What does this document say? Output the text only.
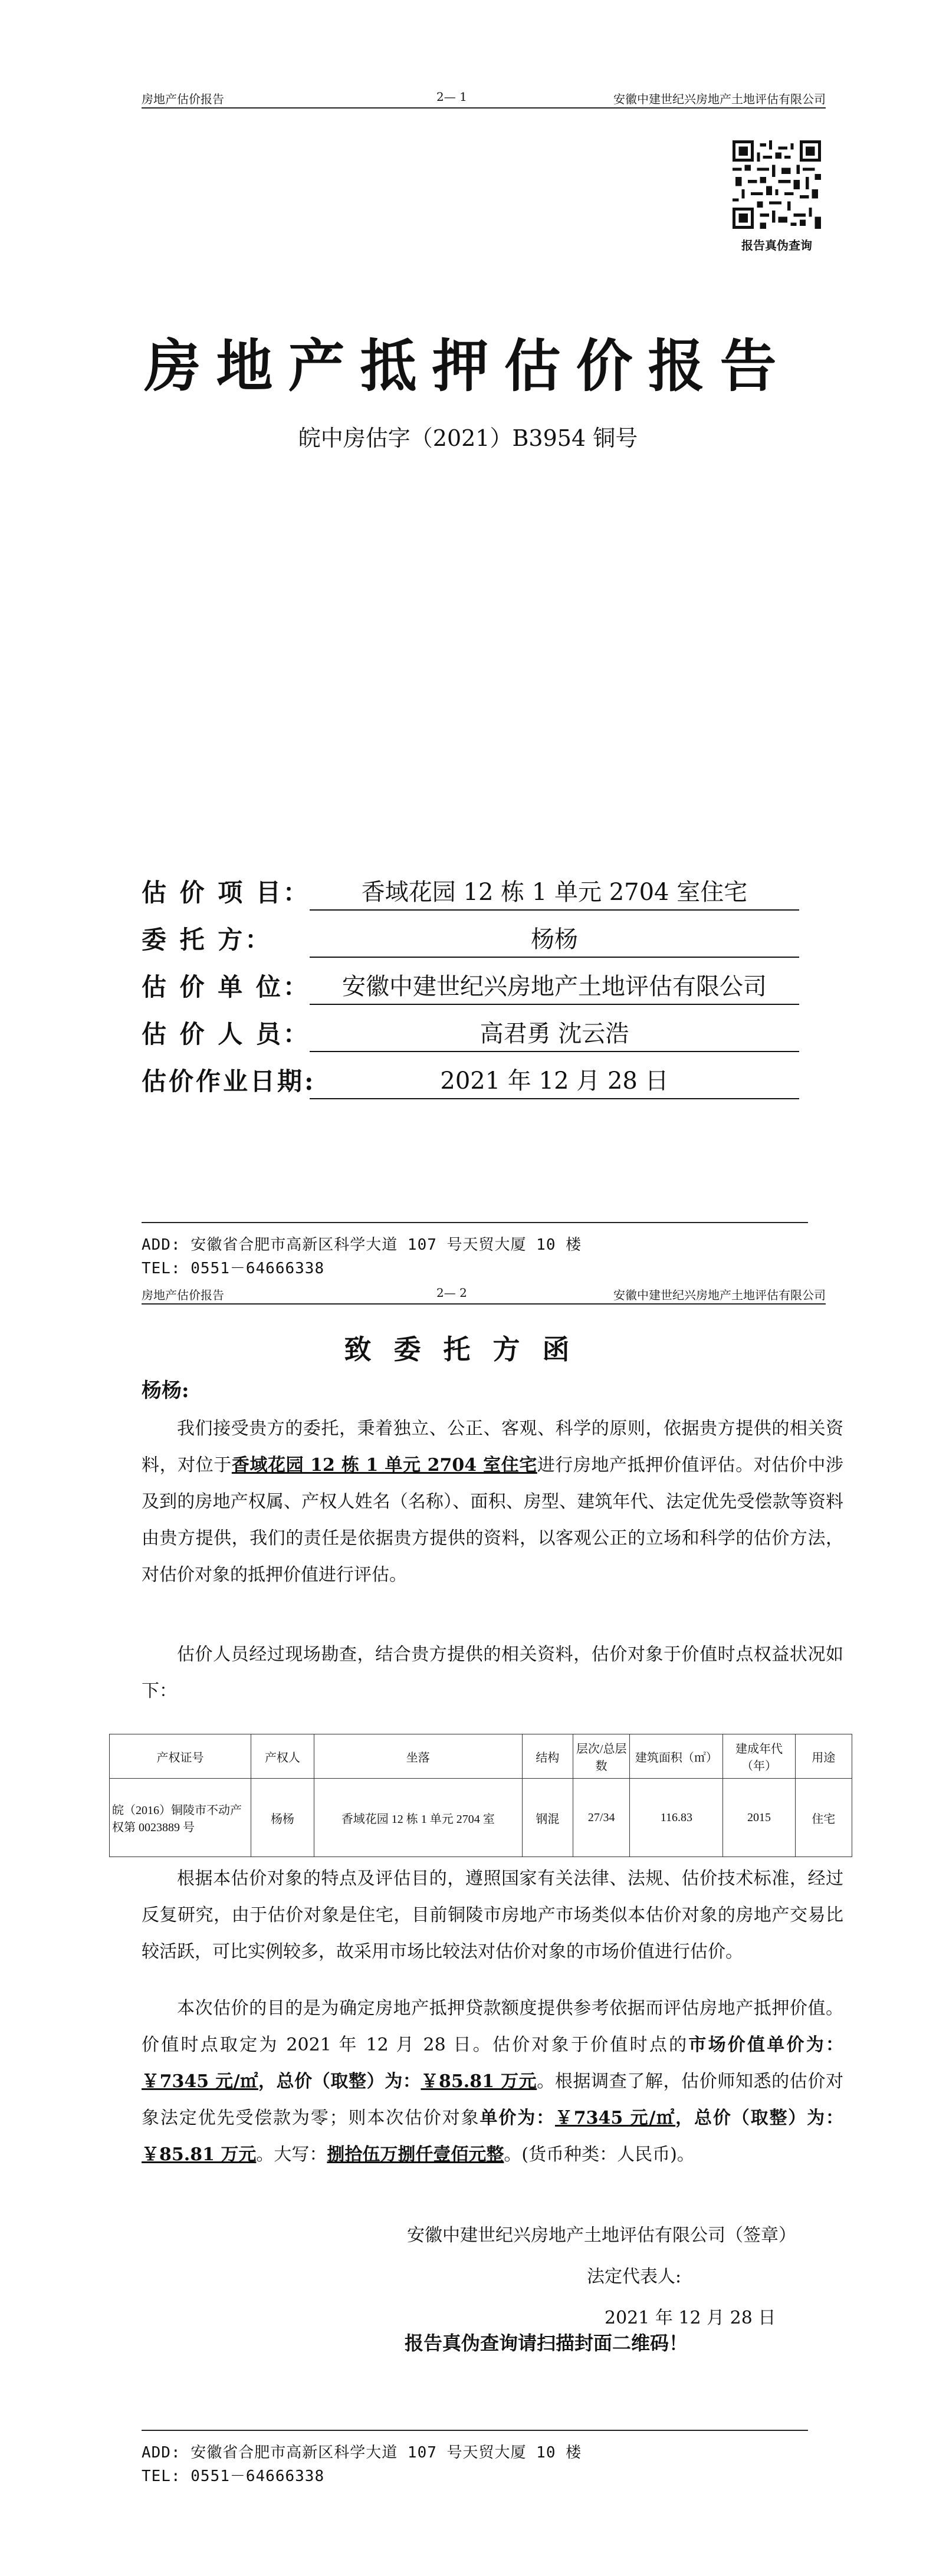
房地产估价报告	2— 1	安徽中建世纪兴房地产土地评估有限公司
报告真伪查询
房地产抵押估价报告
皖中房估字（2021）B3954 铜号
估 价 项 目：	香域花园 12 栋 1 单元 2704 室住宅
委 托 方：	杨杨
估 价 单 位：	安徽中建世纪兴房地产土地评估有限公司
估 价 人 员：	高君勇 沈云浩
估价作业日期:	2021 年 12 月 28 日
ADD: 安徽省合肥市高新区科学大道 107 号天贸大厦 10 楼
TEL: 0551－64666338
房地产估价报告	2— 2	安徽中建世纪兴房地产土地评估有限公司
致委托方函
杨杨:
我们接受贵方的委托，秉着独立、公正、客观、科学的原则，依据贵方提供的相关资料，对位于香域花园 12 栋 1 单元 2704 室住宅进行房地产抵押价值评估。对估价中涉及到的房地产权属、产权人姓名（名称）、面积、房型、建筑年代、法定优先受偿款等资料由贵方提供，我们的责任是依据贵方提供的资料，以客观公正的立场和科学的估价方法，对估价对象的抵押价值进行评估。
估价人员经过现场勘查，结合贵方提供的相关资料，估价对象于价值时点权益状况如下：
产权证号	产权人	坐落	结构	层次/总层数	建筑面积（㎡）	建成年代（年）	用途
皖（2016）铜陵市不动产权第 0023889 号	杨杨	香域花园 12 栋 1 单元 2704 室	钢混	27/34	116.83	2015	住宅
根据本估价对象的特点及评估目的，遵照国家有关法律、法规、估价技术标准，经过反复研究，由于估价对象是住宅，目前铜陵市房地产市场类似本估价对象的房地产交易比较活跃，可比实例较多，故采用市场比较法对估价对象的市场价值进行估价。
本次估价的目的是为确定房地产抵押贷款额度提供参考依据而评估房地产抵押价值。价值时点取定为 2021 年 12 月 28 日。估价对象于价值时点的市场价值单价为：￥7345 元/㎡，总价（取整）为：￥85.81 万元。根据调查了解，估价师知悉的估价对象法定优先受偿款为零；则本次估价对象单价为：￥7345 元/㎡，总价（取整）为：￥85.81 万元。大写：捌拾伍万捌仟壹佰元整。(货币种类：人民币)。
安徽中建世纪兴房地产土地评估有限公司（签章）
法定代表人:
2021 年 12 月 28 日
报告真伪查询请扫描封面二维码！
ADD: 安徽省合肥市高新区科学大道 107 号天贸大厦 10 楼
TEL: 0551－64666338
